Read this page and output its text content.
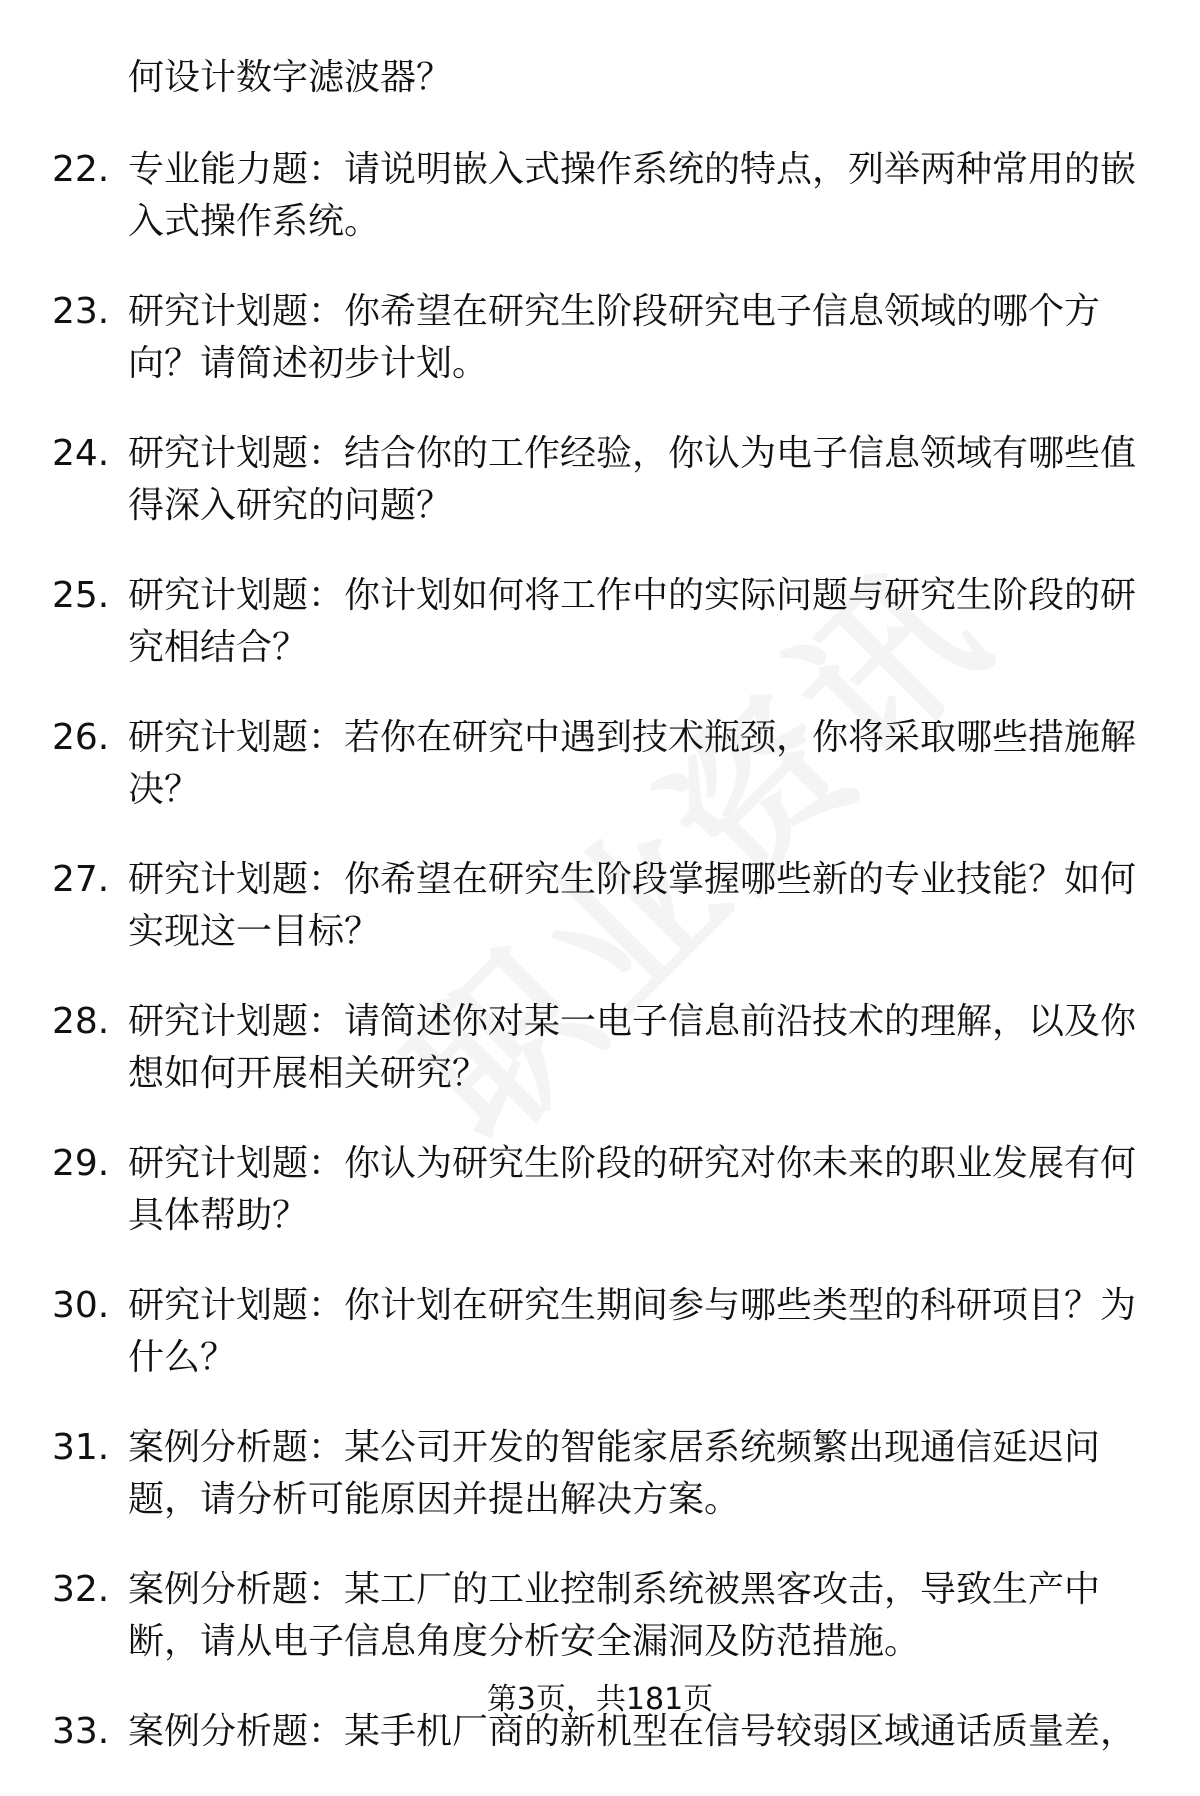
何设计数字滤波器？
22. 专业能力题：请说明嵌入式操作系统的特点，列举两种常用的嵌入式操作系统。
23. 研究计划题：你希望在研究生阶段研究电子信息领域的哪个方向？请简述初步计划。
24. 研究计划题：结合你的工作经验，你认为电子信息领域有哪些值得深入研究的问题？
25. 研究计划题：你计划如何将工作中的实际问题与研究生阶段的研究相结合？
26. 研究计划题：若你在研究中遇到技术瓶颈，你将采取哪些措施解决？
27. 研究计划题：你希望在研究生阶段掌握哪些新的专业技能？如何实现这一目标？
28. 研究计划题：请简述你对某一电子信息前沿技术的理解，以及你想如何开展相关研究？
29. 研究计划题：你认为研究生阶段的研究对你未来的职业发展有何具体帮助？
30. 研究计划题：你计划在研究生期间参与哪些类型的科研项目？为什么？
31. 案例分析题：某公司开发的智能家居系统频繁出现通信延迟问题，请分析可能原因并提出解决方案。
32. 案例分析题：某工厂的工业控制系统被黑客攻击，导致生产中断，请从电子信息角度分析安全漏洞及防范措施。
33. 案例分析题：某手机厂商的新机型在信号较弱区域通话质量差，
第3页，共181页
